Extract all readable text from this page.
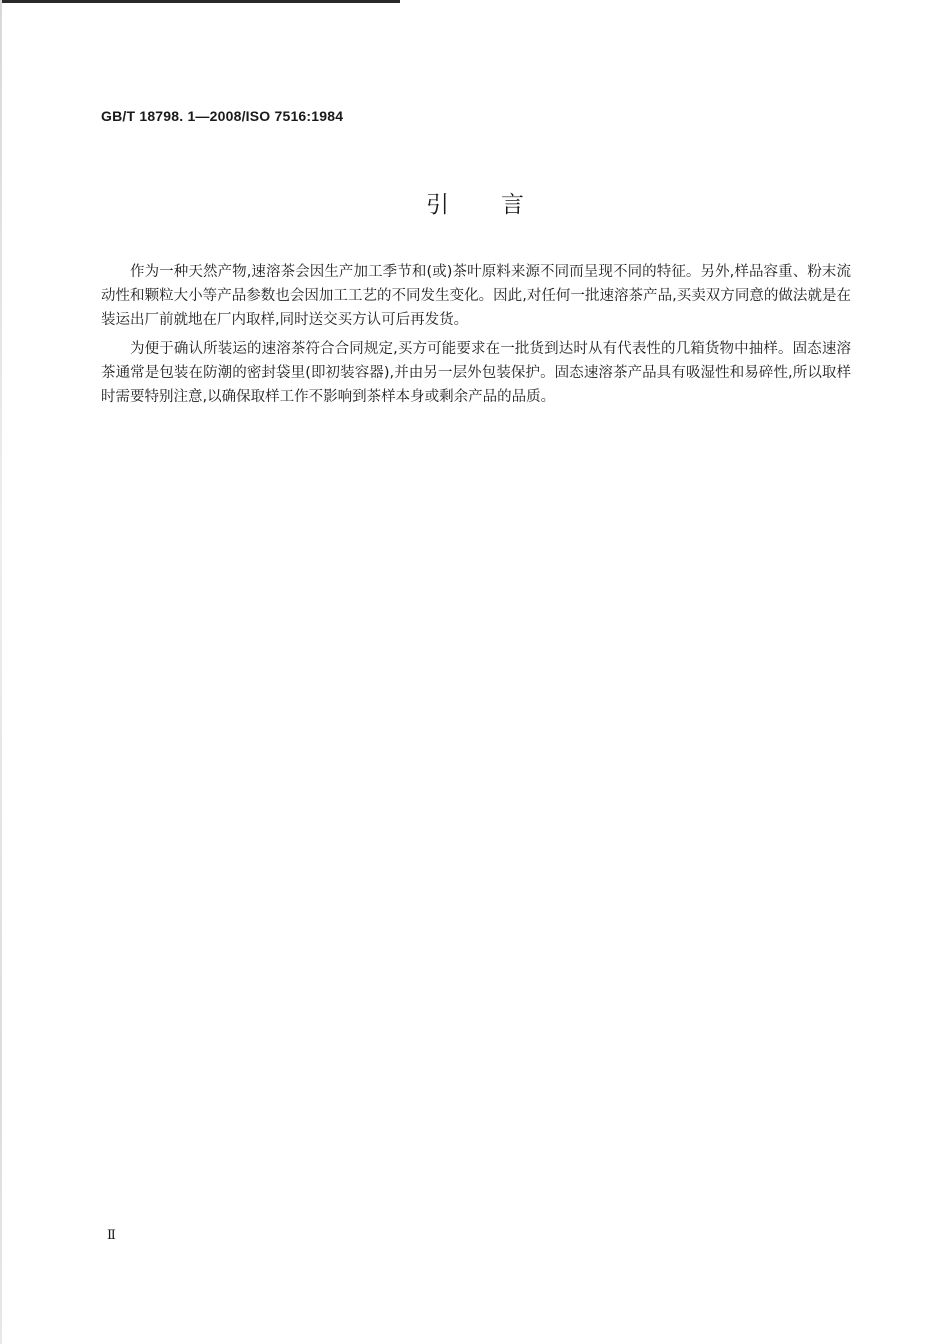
GB/T 18798. 1—2008/ISO 7516:1984
引言

作为一种天然产物,速溶茶会因生产加工季节和(或)茶叶原料来源不同而呈现不同的特征。另外,样品容重、粉末流动性和颗粒大小等产品参数也会因加工工艺的不同发生变化。因此,对任何一批速溶茶产品,买卖双方同意的做法就是在装运出厂前就地在厂内取样,同时送交买方认可后再发货。

为便于确认所装运的速溶茶符合合同规定,买方可能要求在一批货到达时从有代表性的几箱货物中抽样。固态速溶茶通常是包装在防潮的密封袋里(即初装容器),并由另一层外包装保护。固态速溶茶产品具有吸湿性和易碎性,所以取样时需要特别注意,以确保取样工作不影响到茶样本身或剩余产品的品质。

Ⅱ
